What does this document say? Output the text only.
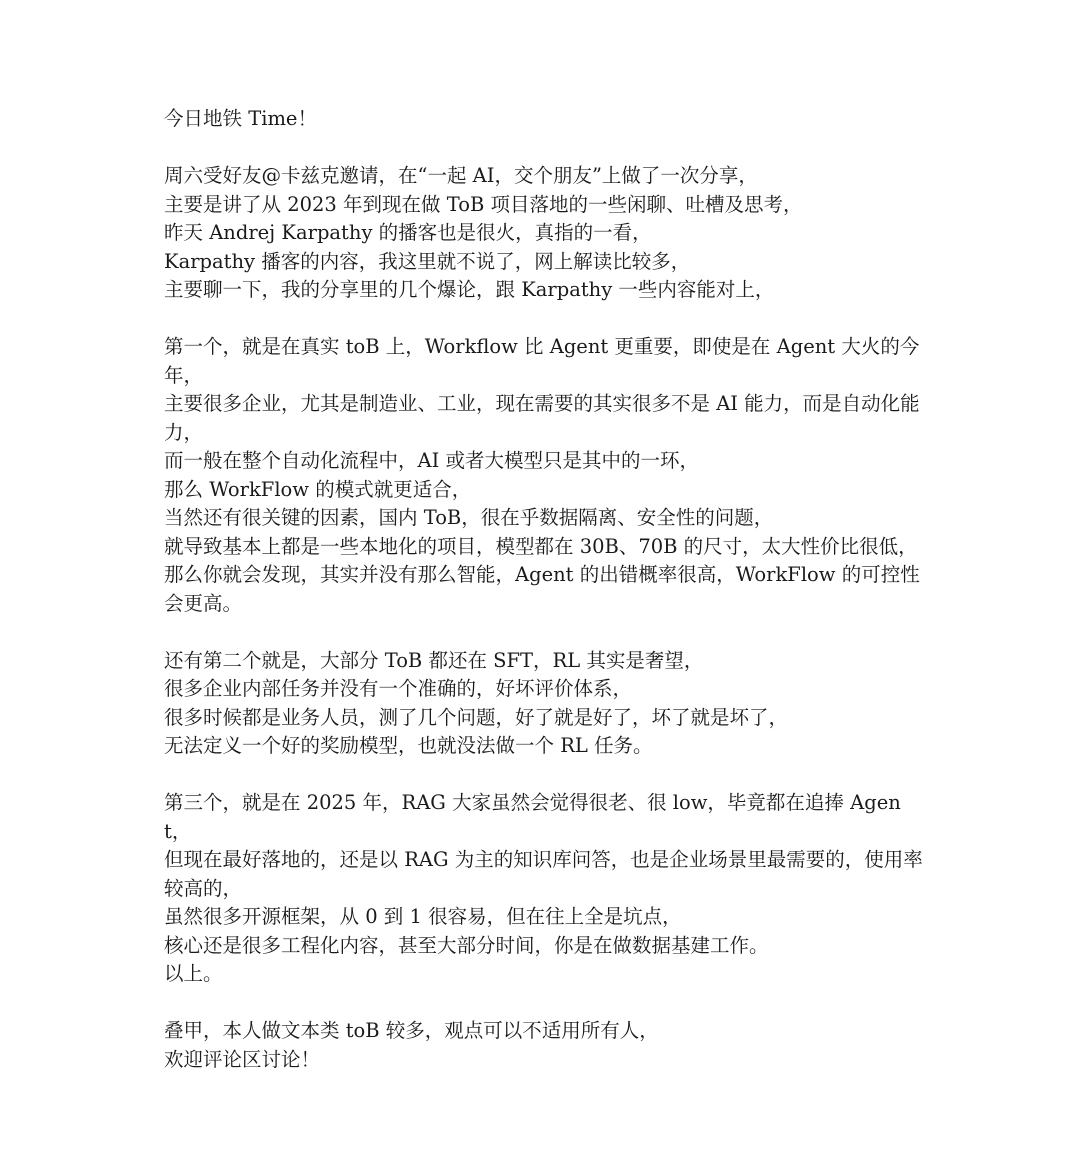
今日地铁 Time！
周六受好友@卡兹克邀请，在“一起 AI，交个朋友”上做了一次分享，
主要是讲了从 2023 年到现在做 ToB 项目落地的一些闲聊、吐槽及思考，
昨天 Andrej Karpathy 的播客也是很火，真指的一看，
Karpathy 播客的内容，我这里就不说了，网上解读比较多，
主要聊一下，我的分享里的几个爆论，跟 Karpathy 一些内容能对上，
第一个，就是在真实 toB 上，Workflow 比 Agent 更重要，即使是在 Agent 大火的今年，
主要很多企业，尤其是制造业、工业，现在需要的其实很多不是 AI 能力，而是自动化能力，
而一般在整个自动化流程中，AI 或者大模型只是其中的一环，
那么 WorkFlow 的模式就更适合，
当然还有很关键的因素，国内 ToB，很在乎数据隔离、安全性的问题，
就导致基本上都是一些本地化的项目，模型都在 30B、70B 的尺寸，太大性价比很低，
那么你就会发现，其实并没有那么智能，Agent 的出错概率很高，WorkFlow 的可控性会更高。
还有第二个就是，大部分 ToB 都还在 SFT，RL 其实是奢望，
很多企业内部任务并没有一个准确的，好坏评价体系，
很多时候都是业务人员，测了几个问题，好了就是好了，坏了就是坏了，
无法定义一个好的奖励模型，也就没法做一个 RL 任务。
第三个，就是在 2025 年，RAG 大家虽然会觉得很老、很 low，毕竟都在追捧 Agent，
但现在最好落地的，还是以 RAG 为主的知识库问答，也是企业场景里最需要的，使用率较高的，
虽然很多开源框架，从 0 到 1 很容易，但在往上全是坑点，
核心还是很多工程化内容，甚至大部分时间，你是在做数据基建工作。
以上。
叠甲，本人做文本类 toB 较多，观点可以不适用所有人，
欢迎评论区讨论！
